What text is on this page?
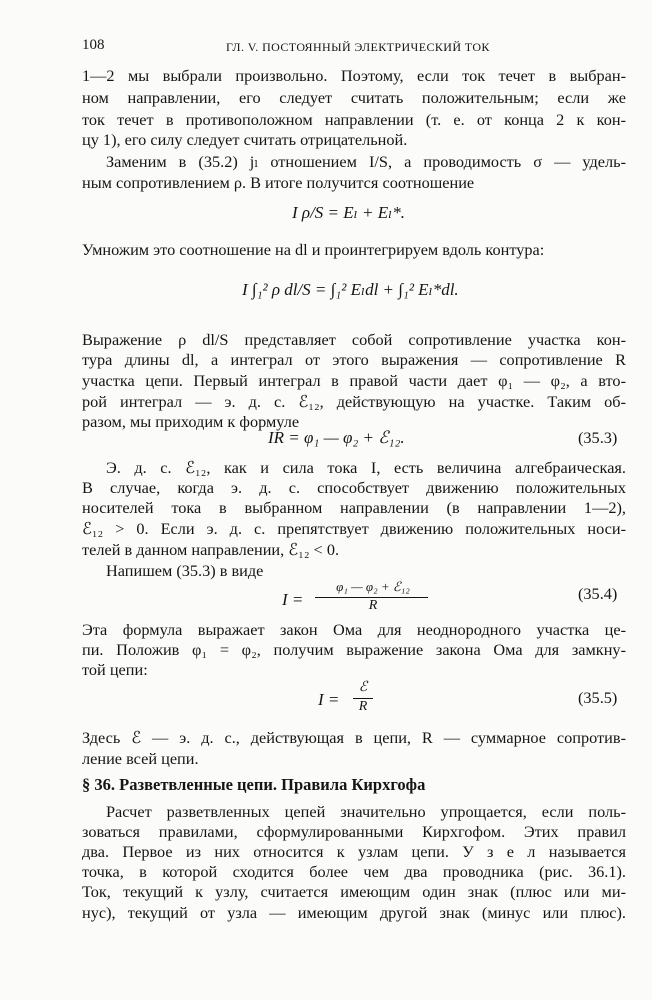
108	ГЛ. V. ПОСТОЯННЫЙ ЭЛЕКТРИЧЕСКИЙ ТОК
1—2 мы выбрали произвольно. Поэтому, если ток течет в выбран-
ном направлении, его следует считать положительным; если же
ток течет в противоположном направлении (т. е. от конца 2 к кон-
цу 1), его силу следует считать отрицательной.
Заменим в (35.2) jₗ отношением I/S, а проводимость σ — удель-
ным сопротивлением ρ. В итоге получится соотношение
I ρ/S = Eₗ + Eₗ*.
Умножим это соотношение на dl и проинтегрируем вдоль контура:
I ∫₁² ρ dl/S = ∫₁² Eₗdl + ∫₁² Eₗ*dl.
Выражение ρ dl/S представляет собой сопротивление участка кон-
тура длины dl, а интеграл от этого выражения — сопротивление R
участка цепи. Первый интеграл в правой части дает φ₁ — φ₂, а вто-
рой интеграл — э. д. с. ℰ₁₂, действующую на участке. Таким об-
разом, мы приходим к формуле
IR = φ₁ — φ₂ + ℰ₁₂.	(35.3)
Э. д. с. ℰ₁₂, как и сила тока I, есть величина алгебраическая.
В случае, когда э. д. с. способствует движению положительных
носителей тока в выбранном направлении (в направлении 1—2),
ℰ₁₂ > 0. Если э. д. с. препятствует движению положительных носи-
телей в данном направлении, ℰ₁₂ < 0.
Напишем (35.3) в виде
I =
φ₁ — φ₂ + ℰ₁₂
R
(35.4)
Эта формула выражает закон Ома для неоднородного участка це-
пи. Положив φ₁ = φ₂, получим выражение закона Ома для замкну-
той цепи:
I =
ℰ
R	(35.5)
Здесь ℰ — э. д. с., действующая в цепи, R — суммарное сопротив-
ление всей цепи.
§ 36. Разветвленные цепи. Правила Кирхгофа
Расчет разветвленных цепей значительно упрощается, если поль-
зоваться правилами, сформулированными Кирхгофом. Этих правил
два. Первое из них относится к узлам цепи. У з е л называется
точка, в которой сходится более чем два проводника (рис. 36.1).
Ток, текущий к узлу, считается имеющим один знак (плюс или ми-
нус), текущий от узла — имеющим другой знак (минус или плюс).
